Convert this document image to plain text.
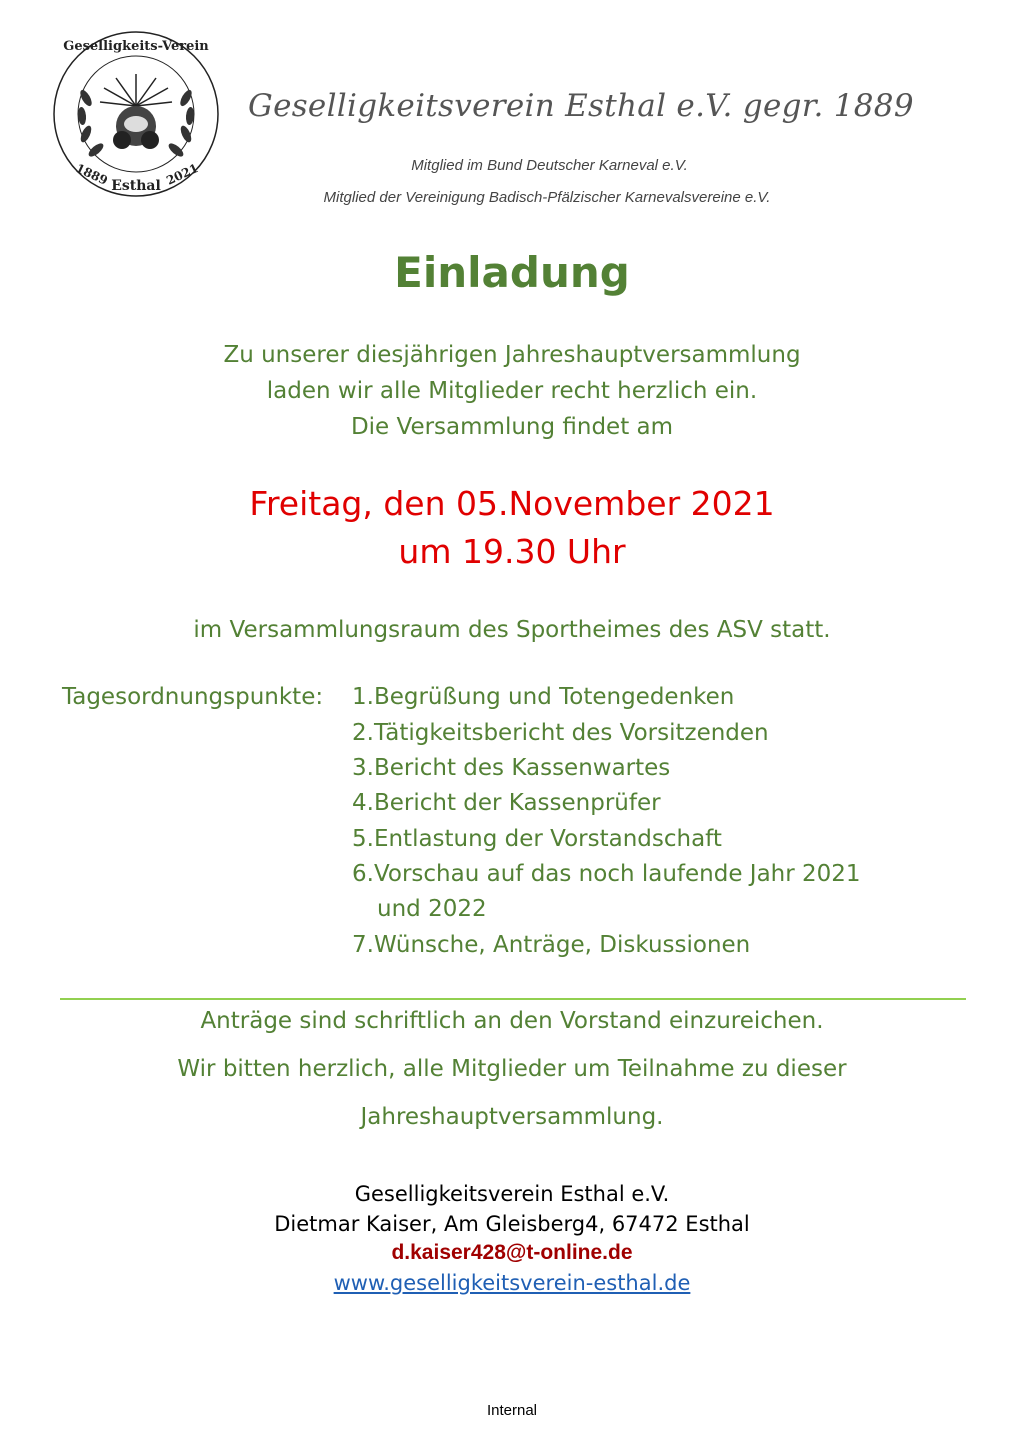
Geselligkeits-Verein
1889 Esthal 2021
Geselligkeitsverein Esthal e.V. gegr. 1889
Mitglied im Bund Deutscher Karneval e.V.
Mitglied der Vereinigung Badisch-Pfälzischer Karnevalsvereine e.V.
Einladung
Zu unserer diesjährigen Jahreshauptversammlung
laden wir alle Mitglieder recht herzlich ein.
Die Versammlung findet am
Freitag, den 05.November 2021
um 19.30 Uhr
im Versammlungsraum des Sportheimes des ASV statt.
Tagesordnungspunkte: 1.Begrüßung und Totengedenken
2.Tätigkeitsbericht des Vorsitzenden
3.Bericht des Kassenwartes
4.Bericht der Kassenprüfer
5.Entlastung der Vorstandschaft
6.Vorschau auf das noch laufende Jahr 2021
und 2022
7.Wünsche, Anträge, Diskussionen
Anträge sind schriftlich an den Vorstand einzureichen.
Wir bitten herzlich, alle Mitglieder um Teilnahme zu dieser
Jahreshauptversammlung.
Geselligkeitsverein Esthal e.V.
Dietmar Kaiser, Am Gleisberg4, 67472 Esthal
d.kaiser428@t-online.de
www.geselligkeitsverein-esthal.de
Internal
